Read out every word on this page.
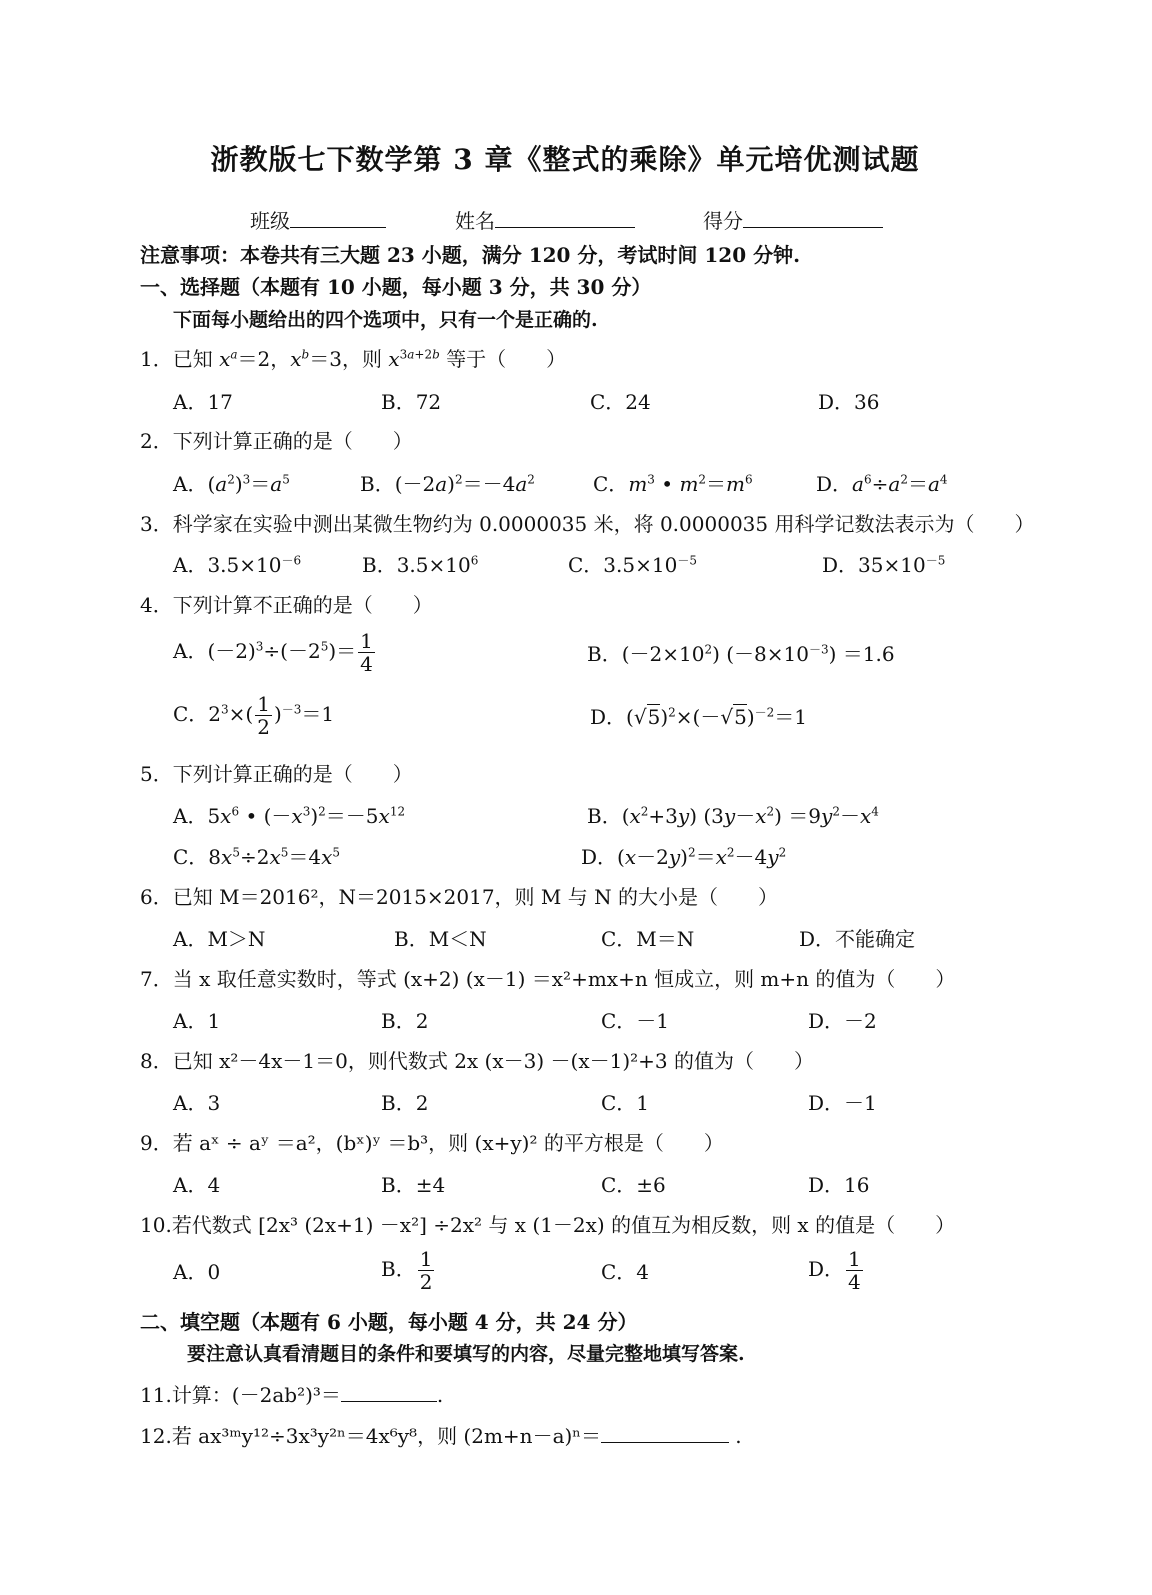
浙教版七下数学第 3 章《整式的乘除》单元培优测试题
班级	姓名	得分
注意事项：本卷共有三大题 23 小题，满分 120 分，考试时间 120 分钟.
一、选择题（本题有 10 小题，每小题 3 分，共 30 分）
下面每小题给出的四个选项中，只有一个是正确的.
1．已知 $x^a=2$，$x^b=3$，则 $x^{3a+2b}$ 等于（　　）
A．17	B．72	C．24	D．36
2．下列计算正确的是（　　）
A．$(a^2)^3=a^5$	B．$(-2a)^2=-4a^2$	C．$m^3$ • $m^2=m^6$	D．$a^6\div a^2=a^4$
3．科学家在实验中测出某微生物约为 0.0000035 米，将 0.0000035 用科学记数法表示为（　　）
A．$3.5\times 10^{-6}$	B．$3.5\times 10^6$	C．$3.5\times 10^{-5}$	D．$35\times 10^{-5}$
4．下列计算不正确的是（　　）
A．$(-2)^3\div(-2^5)= \frac{1}{4}$	B．$(-2\times 10^2)$ $(-8\times 10^{-3}) =1.6$
C．$2^3\times( \frac{1}{2} )^{-3}=1$	D．$(√5)^2\times(-√5)^{-2}=1$
5．下列计算正确的是（　　）
A．$5x^6$ • $(-x^3)^2=-5x^{12}$	B．$(x^2+3y)$ $(3y-x^2) =9y^2-x^4$
C．$8x^5\div 2x^5=4x^5$	D．$(x-2y)^2=x^2-4y^2$
6．已知 M＝2016²，N＝2015×2017，则 M 与 N 的大小是（　　）
A．M＞N	B．M＜N	C．M＝N	D．不能确定
7．当 x 取任意实数时，等式 (x+2) (x－1) ＝x²+mx+n 恒成立，则 m+n 的值为（　　）
A．1	B．2	C．－1	D．－2
8．已知 x²－4x－1＝0，则代数式 2x (x－3) －(x－1)²+3 的值为（　　）
A．3	B．2	C．1	D．－1
9．若 aˣ ÷ aʸ ＝a²，(bˣ)ʸ ＝b³，则 (x+y)² 的平方根是（　　）
A．4	B．±4	C．±6	D．16
10.若代数式 [2x³ (2x+1) －x²] ÷2x² 与 x (1－2x) 的值互为相反数，则 x 的值是（　　）
A．0	B． $\frac{1}{2}$	C．4	D． $\frac{1}{4}$
二、填空题（本题有 6 小题，每小题 4 分，共 24 分）
要注意认真看清题目的条件和要填写的内容，尽量完整地填写答案.
11.计算：(－2ab²)³＝	.
12.若 ax³ᵐy¹²÷3x³y²ⁿ＝4x⁶y⁸，则 (2m+n－a)ⁿ＝	.
